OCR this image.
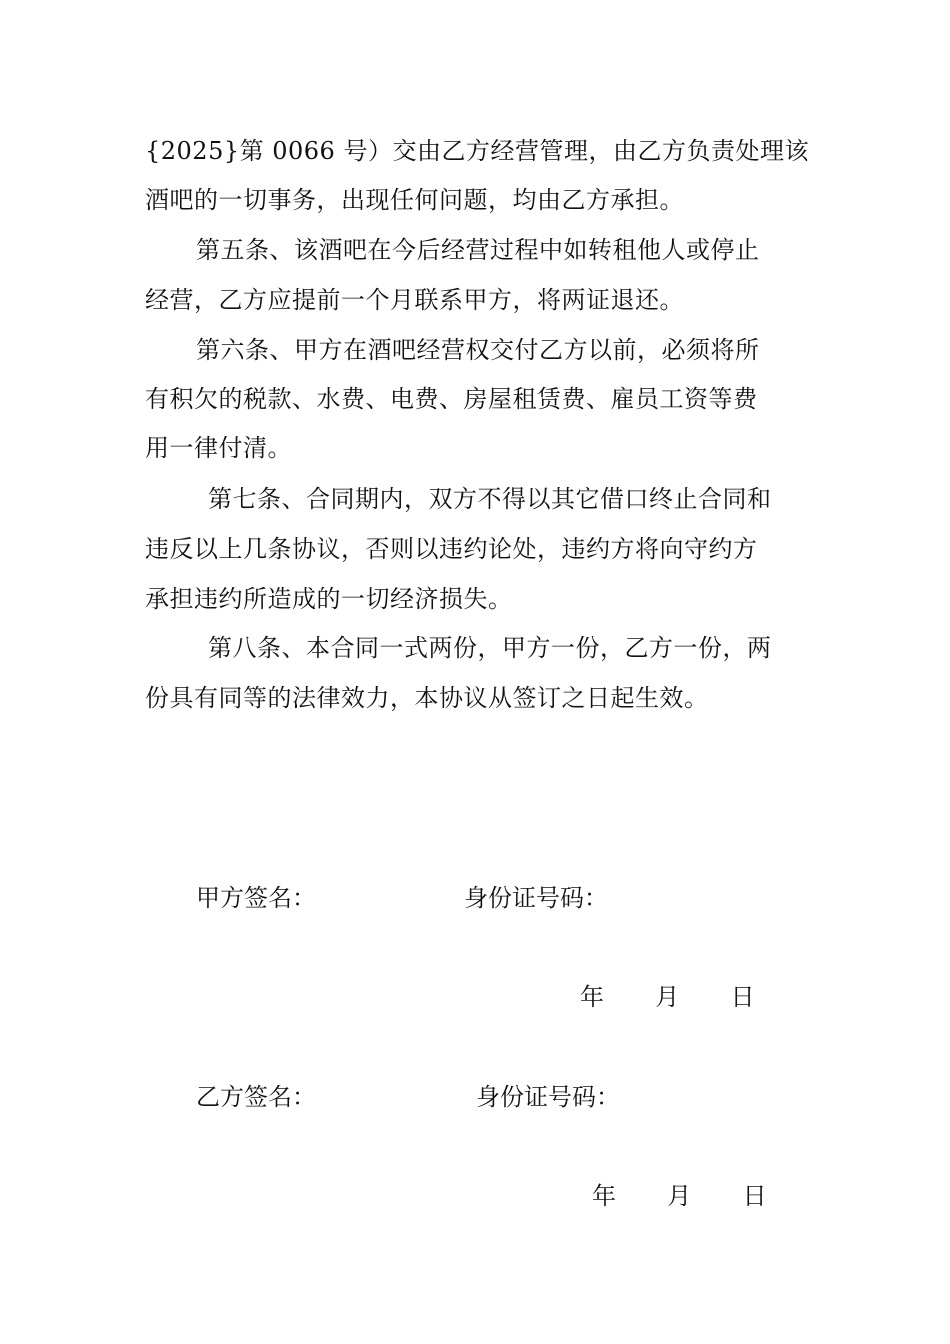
{2025}第 0066 号）交由乙方经营管理，由乙方负责处理该
酒吧的一切事务，出现任何问题，均由乙方承担。
第五条、该酒吧在今后经营过程中如转租他人或停止
经营，乙方应提前一个月联系甲方，将两证退还。
第六条、甲方在酒吧经营权交付乙方以前，必须将所
有积欠的税款、水费、电费、房屋租赁费、雇员工资等费
用一律付清。
第七条、合同期内，双方不得以其它借口终止合同和
违反以上几条协议，否则以违约论处，违约方将向守约方
承担违约所造成的一切经济损失。
第八条、本合同一式两份，甲方一份，乙方一份，两
份具有同等的法律效力，本协议从签订之日起生效。
甲方签名：	身份证号码：
年 月 日
乙方签名：	身份证号码：
年 月 日
